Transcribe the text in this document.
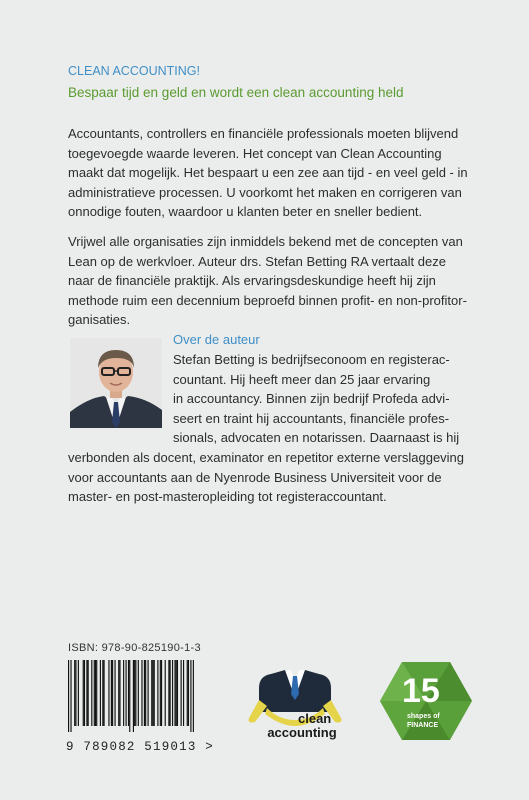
CLEAN ACCOUNTING!
Bespaar tijd en geld en wordt een clean accounting held
Accountants, controllers en financiële professionals moeten blijvend
toegevoegde waarde leveren. Het concept van Clean Accounting
maakt dat mogelijk. Het bespaart u een zee aan tijd - en veel geld - in
administratieve processen. U voorkomt het maken en corrigeren van
onnodige fouten, waardoor u klanten beter en sneller bedient.
Vrijwel alle organisaties zijn inmiddels bekend met de concepten van
Lean op de werkvloer. Auteur drs. Stefan Betting RA vertaalt deze
naar de financiële praktijk. Als ervaringsdeskundige heeft hij zijn
methode ruim een decennium beproefd binnen profit- en non-profitor-
ganisaties.
Over de auteur
Stefan Betting is bedrijfseconoom en registerac-
countant. Hij heeft meer dan 25 jaar ervaring
in accountancy. Binnen zijn bedrijf Profeda advi-
seert en traint hij accountants, financiële profes-
sionals, advocaten en notarissen. Daarnaast is hij
verbonden als docent, examinator en repetitor externe verslaggeving
voor accountants aan de Nyenrode Business Universiteit voor de
master- en post-masteropleiding tot registeraccountant.
ISBN: 978-90-825190-1-3
9 789082 519013 >
clean
accounting
15
shapes of
FINANCE
